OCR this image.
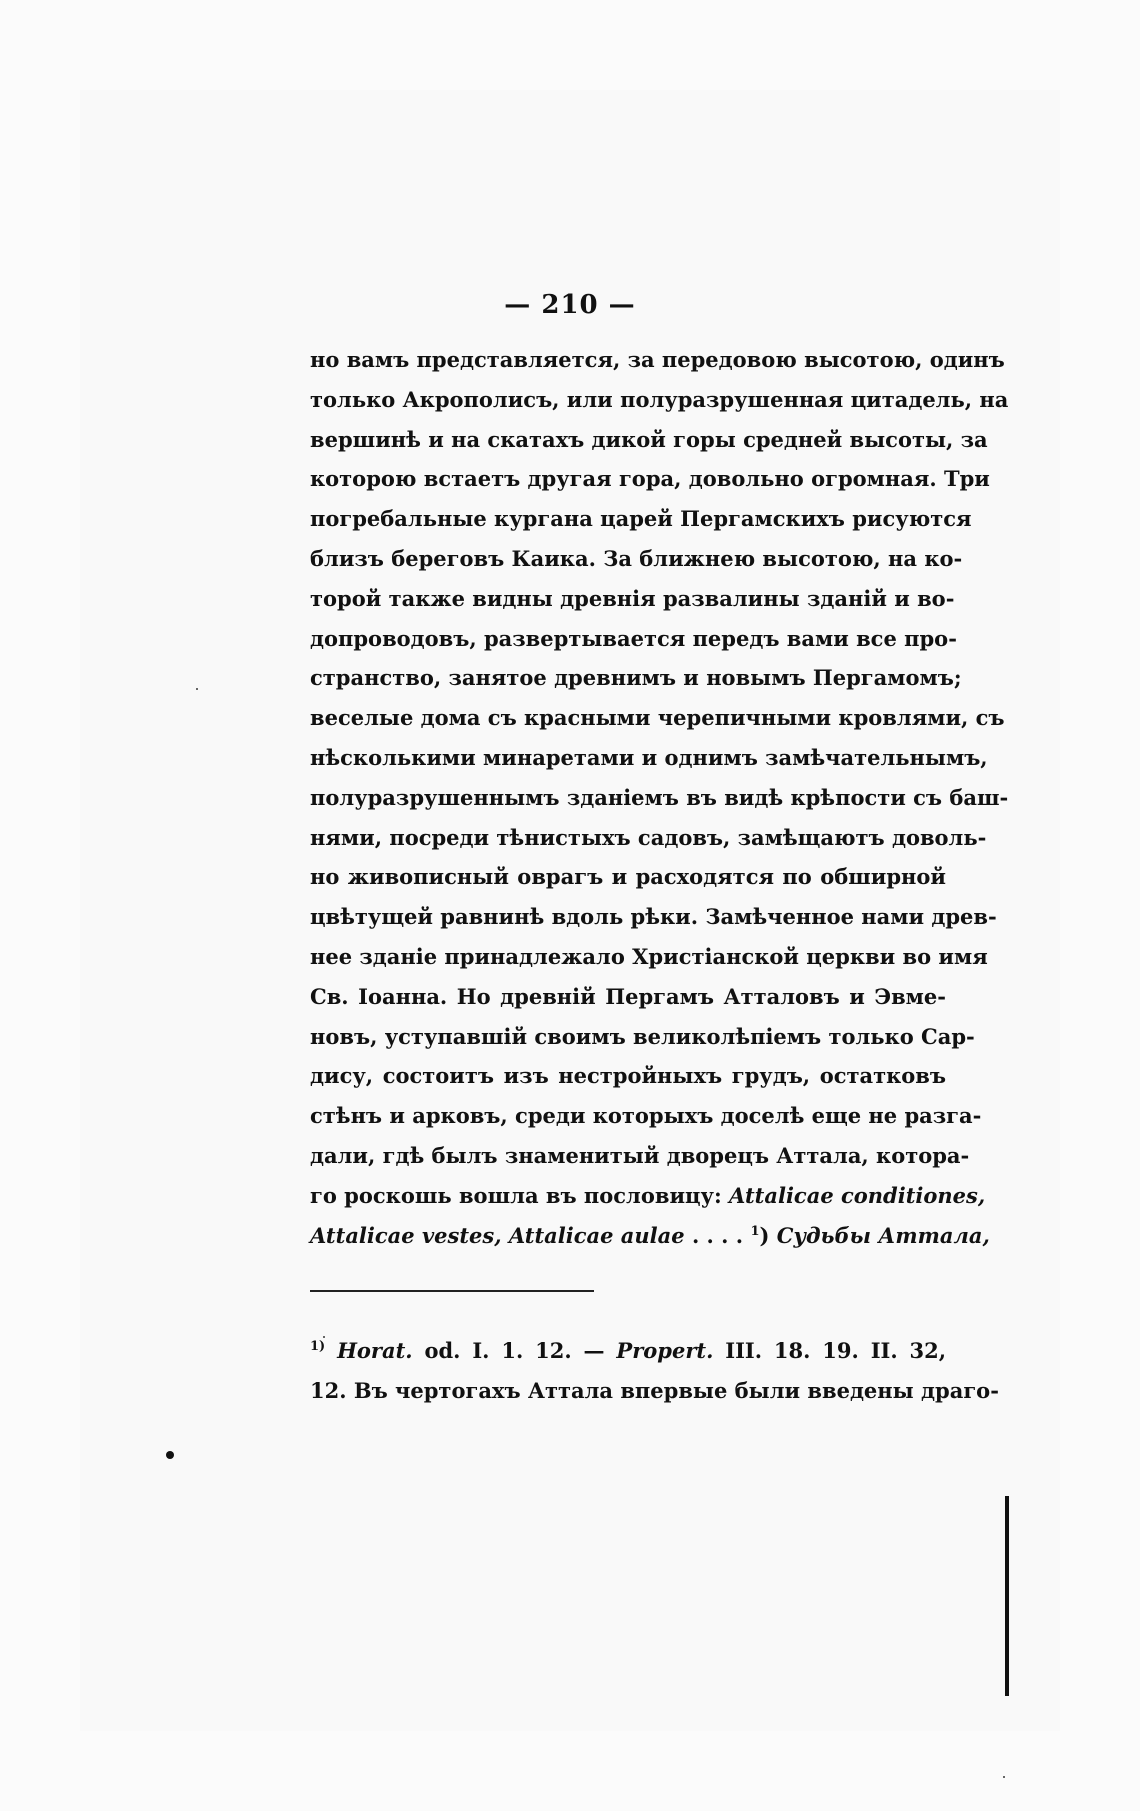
— 210 —
но вамъ представляется, за передовою высотою, одинъ
только Акрополисъ, или полуразрушенная цитадель, на
вершинѣ и на скатахъ дикой горы средней высоты, за
которою встаетъ другая гора, довольно огромная. Три
погребальные кургана царей Пергамскихъ рисуются
близъ береговъ Каика. За ближнею высотою, на ко-
торой также видны древнія развалины зданій и во-
допроводовъ, развертывается передъ вами все про-
странство, занятое древнимъ и новымъ Пергамомъ;
веселые дома съ красными черепичными кровлями, съ
нѣсколькими минаретами и однимъ замѣчательнымъ,
полуразрушеннымъ зданіемъ въ видѣ крѣпости съ баш-
нями, посреди тѣнистыхъ садовъ, замѣщаютъ доволь-
но живописный оврагъ и расходятся по обширной
цвѣтущей равнинѣ вдоль рѣки. Замѣченное нами древ-
нее зданіе принадлежало Христіанской церкви во имя
Св. Іоанна. Но древній Пергамъ Атталовъ и Эвме-
новъ, уступавшій своимъ великолѣпіемъ только Сар-
дису, состоитъ изъ нестройныхъ грудъ, остатковъ
стѣнъ и арковъ, среди которыхъ доселѣ еще не разга-
дали, гдѣ былъ знаменитый дворецъ Аттала, которa-
го роскошь вошла въ пословицу: Attalicae conditiones,
Attalicae vestes, Attalicae aulae . . . . $^1$) Судьбы Аттала,
$^{1)}$ Horat. od. I. 1. 12. — Propert. III. 18. 19. II. 32,
12. Въ чертогахъ Аттала впервые были введены драго-
